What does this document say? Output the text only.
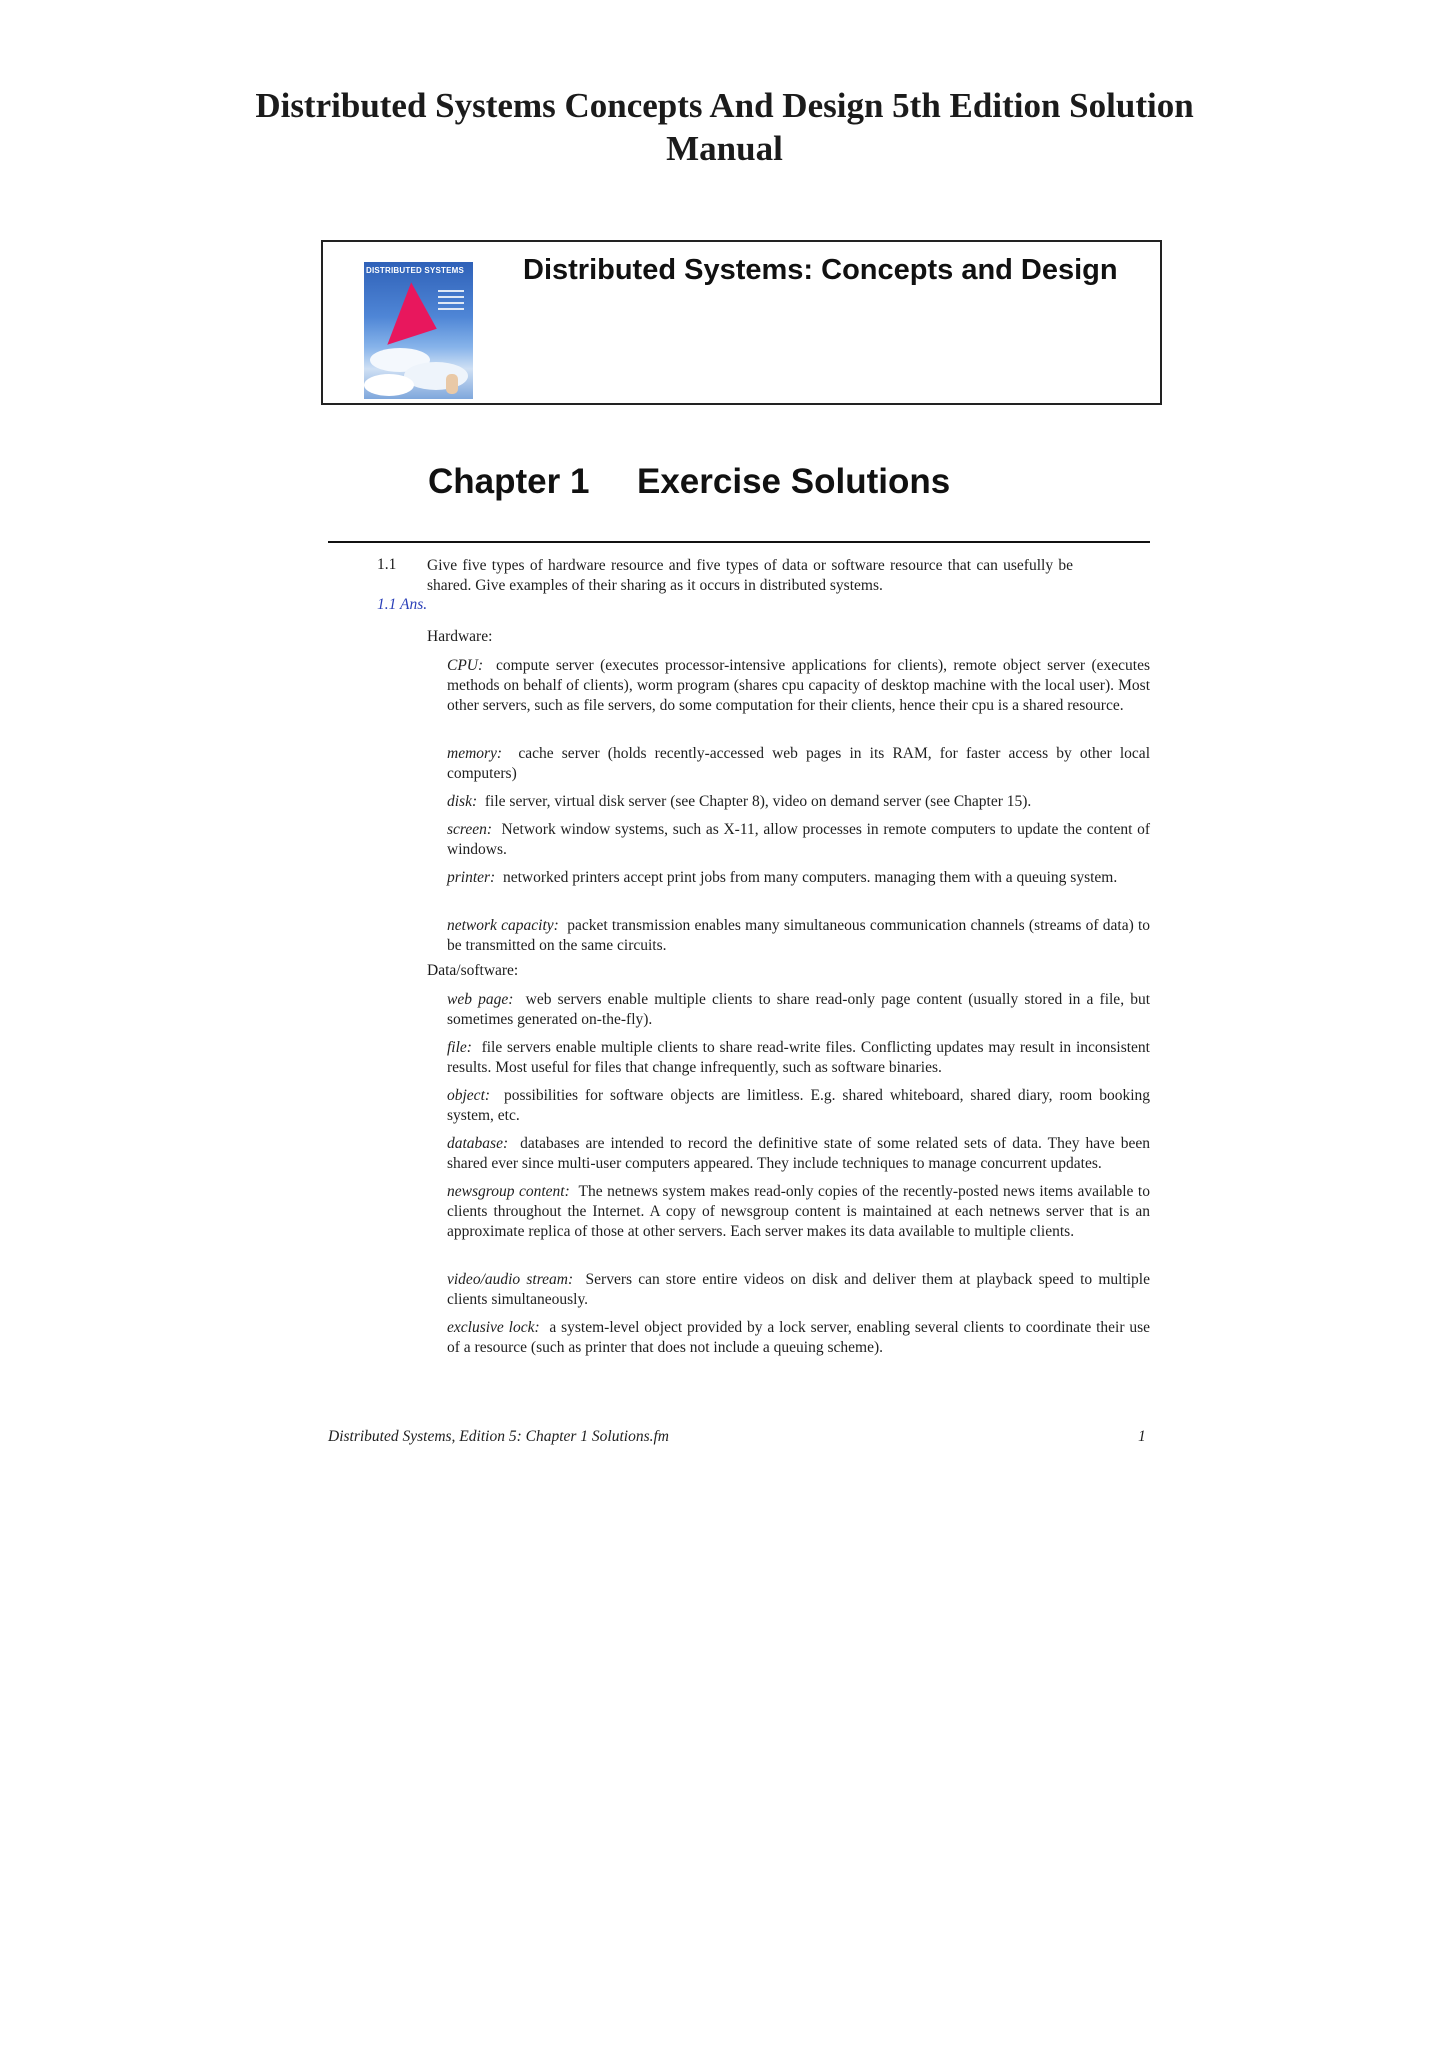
Distributed Systems Concepts And Design 5th Edition Solution
Manual
DISTRIBUTED SYSTEMS Distributed Systems: Concepts and Design
Chapter 1 Exercise Solutions
1.1 Give five types of hardware resource and five types of data or software resource that can usefully be shared. Give examples of their sharing as it occurs in distributed systems.
1.1 Ans.
Hardware:
CPU: compute server (executes processor-intensive applications for clients), remote object server (executes methods on behalf of clients), worm program (shares cpu capacity of desktop machine with the local user). Most other servers, such as file servers, do some computation for their clients, hence their cpu is a shared resource.
memory: cache server (holds recently-accessed web pages in its RAM, for faster access by other local computers)
disk: file server, virtual disk server (see Chapter 8), video on demand server (see Chapter 15).
screen: Network window systems, such as X-11, allow processes in remote computers to update the content of windows.
printer: networked printers accept print jobs from many computers. managing them with a queuing system.
network capacity: packet transmission enables many simultaneous communication channels (streams of data) to be transmitted on the same circuits.
Data/software:
web page: web servers enable multiple clients to share read-only page content (usually stored in a file, but sometimes generated on-the-fly).
file: file servers enable multiple clients to share read-write files. Conflicting updates may result in inconsistent results. Most useful for files that change infrequently, such as software binaries.
object: possibilities for software objects are limitless. E.g. shared whiteboard, shared diary, room booking system, etc.
database: databases are intended to record the definitive state of some related sets of data. They have been shared ever since multi-user computers appeared. They include techniques to manage concurrent updates.
newsgroup content: The netnews system makes read-only copies of the recently-posted news items available to clients throughout the Internet. A copy of newsgroup content is maintained at each netnews server that is an approximate replica of those at other servers. Each server makes its data available to multiple clients.
video/audio stream: Servers can store entire videos on disk and deliver them at playback speed to multiple clients simultaneously.
exclusive lock: a system-level object provided by a lock server, enabling several clients to coordinate their use of a resource (such as printer that does not include a queuing scheme).
Distributed Systems, Edition 5: Chapter 1 Solutions.fm	1
